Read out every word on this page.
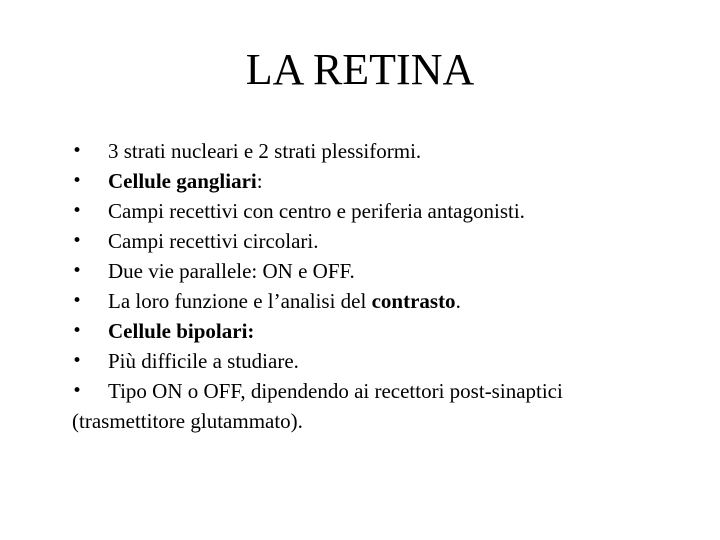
LA RETINA
•	3 strati nucleari e 2 strati plessiformi.
•	Cellule gangliari:
•	Campi recettivi con centro e periferia antagonisti.
•	Campi recettivi circolari.
•	Due vie parallele: ON e OFF.
•	La loro funzione e l’analisi del contrasto.
•	Cellule bipolari:
•	Più difficile a studiare.
•	Tipo ON o OFF, dipendendo ai recettori post-sinaptici
(trasmettitore glutammato).
